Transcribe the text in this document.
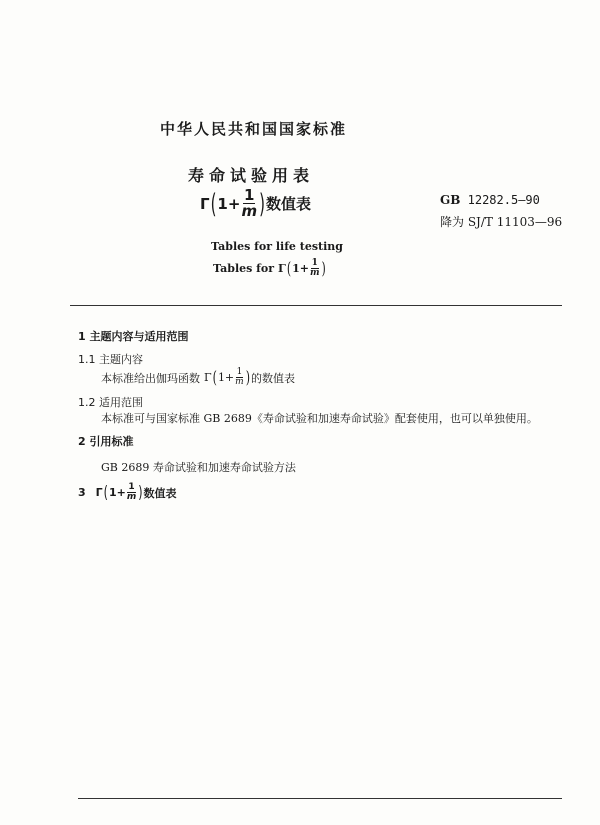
中华人民共和国国家标准
寿命试验用表
Γ ( $1+ \frac{1}{m}$ ) 数值表	GB 12282.5—90
降为 SJ/T 11103—96
Tables for life testing
Tables for Γ ( $1+ \frac{1}{m}$ )
1 主题内容与适用范围
1.1 主题内容
本标准给出伽玛函数 Γ ( $1+ \frac{1}{m}$ ) 的数值表
1.2 适用范围
本标准可与国家标准 GB 2689《寿命试验和加速寿命试验》配套使用，也可以单独使用。
2 引用标准
GB 2689 寿命试验和加速寿命试验方法
3 Γ ( $1+ \frac{1}{m}$ ) 数值表
